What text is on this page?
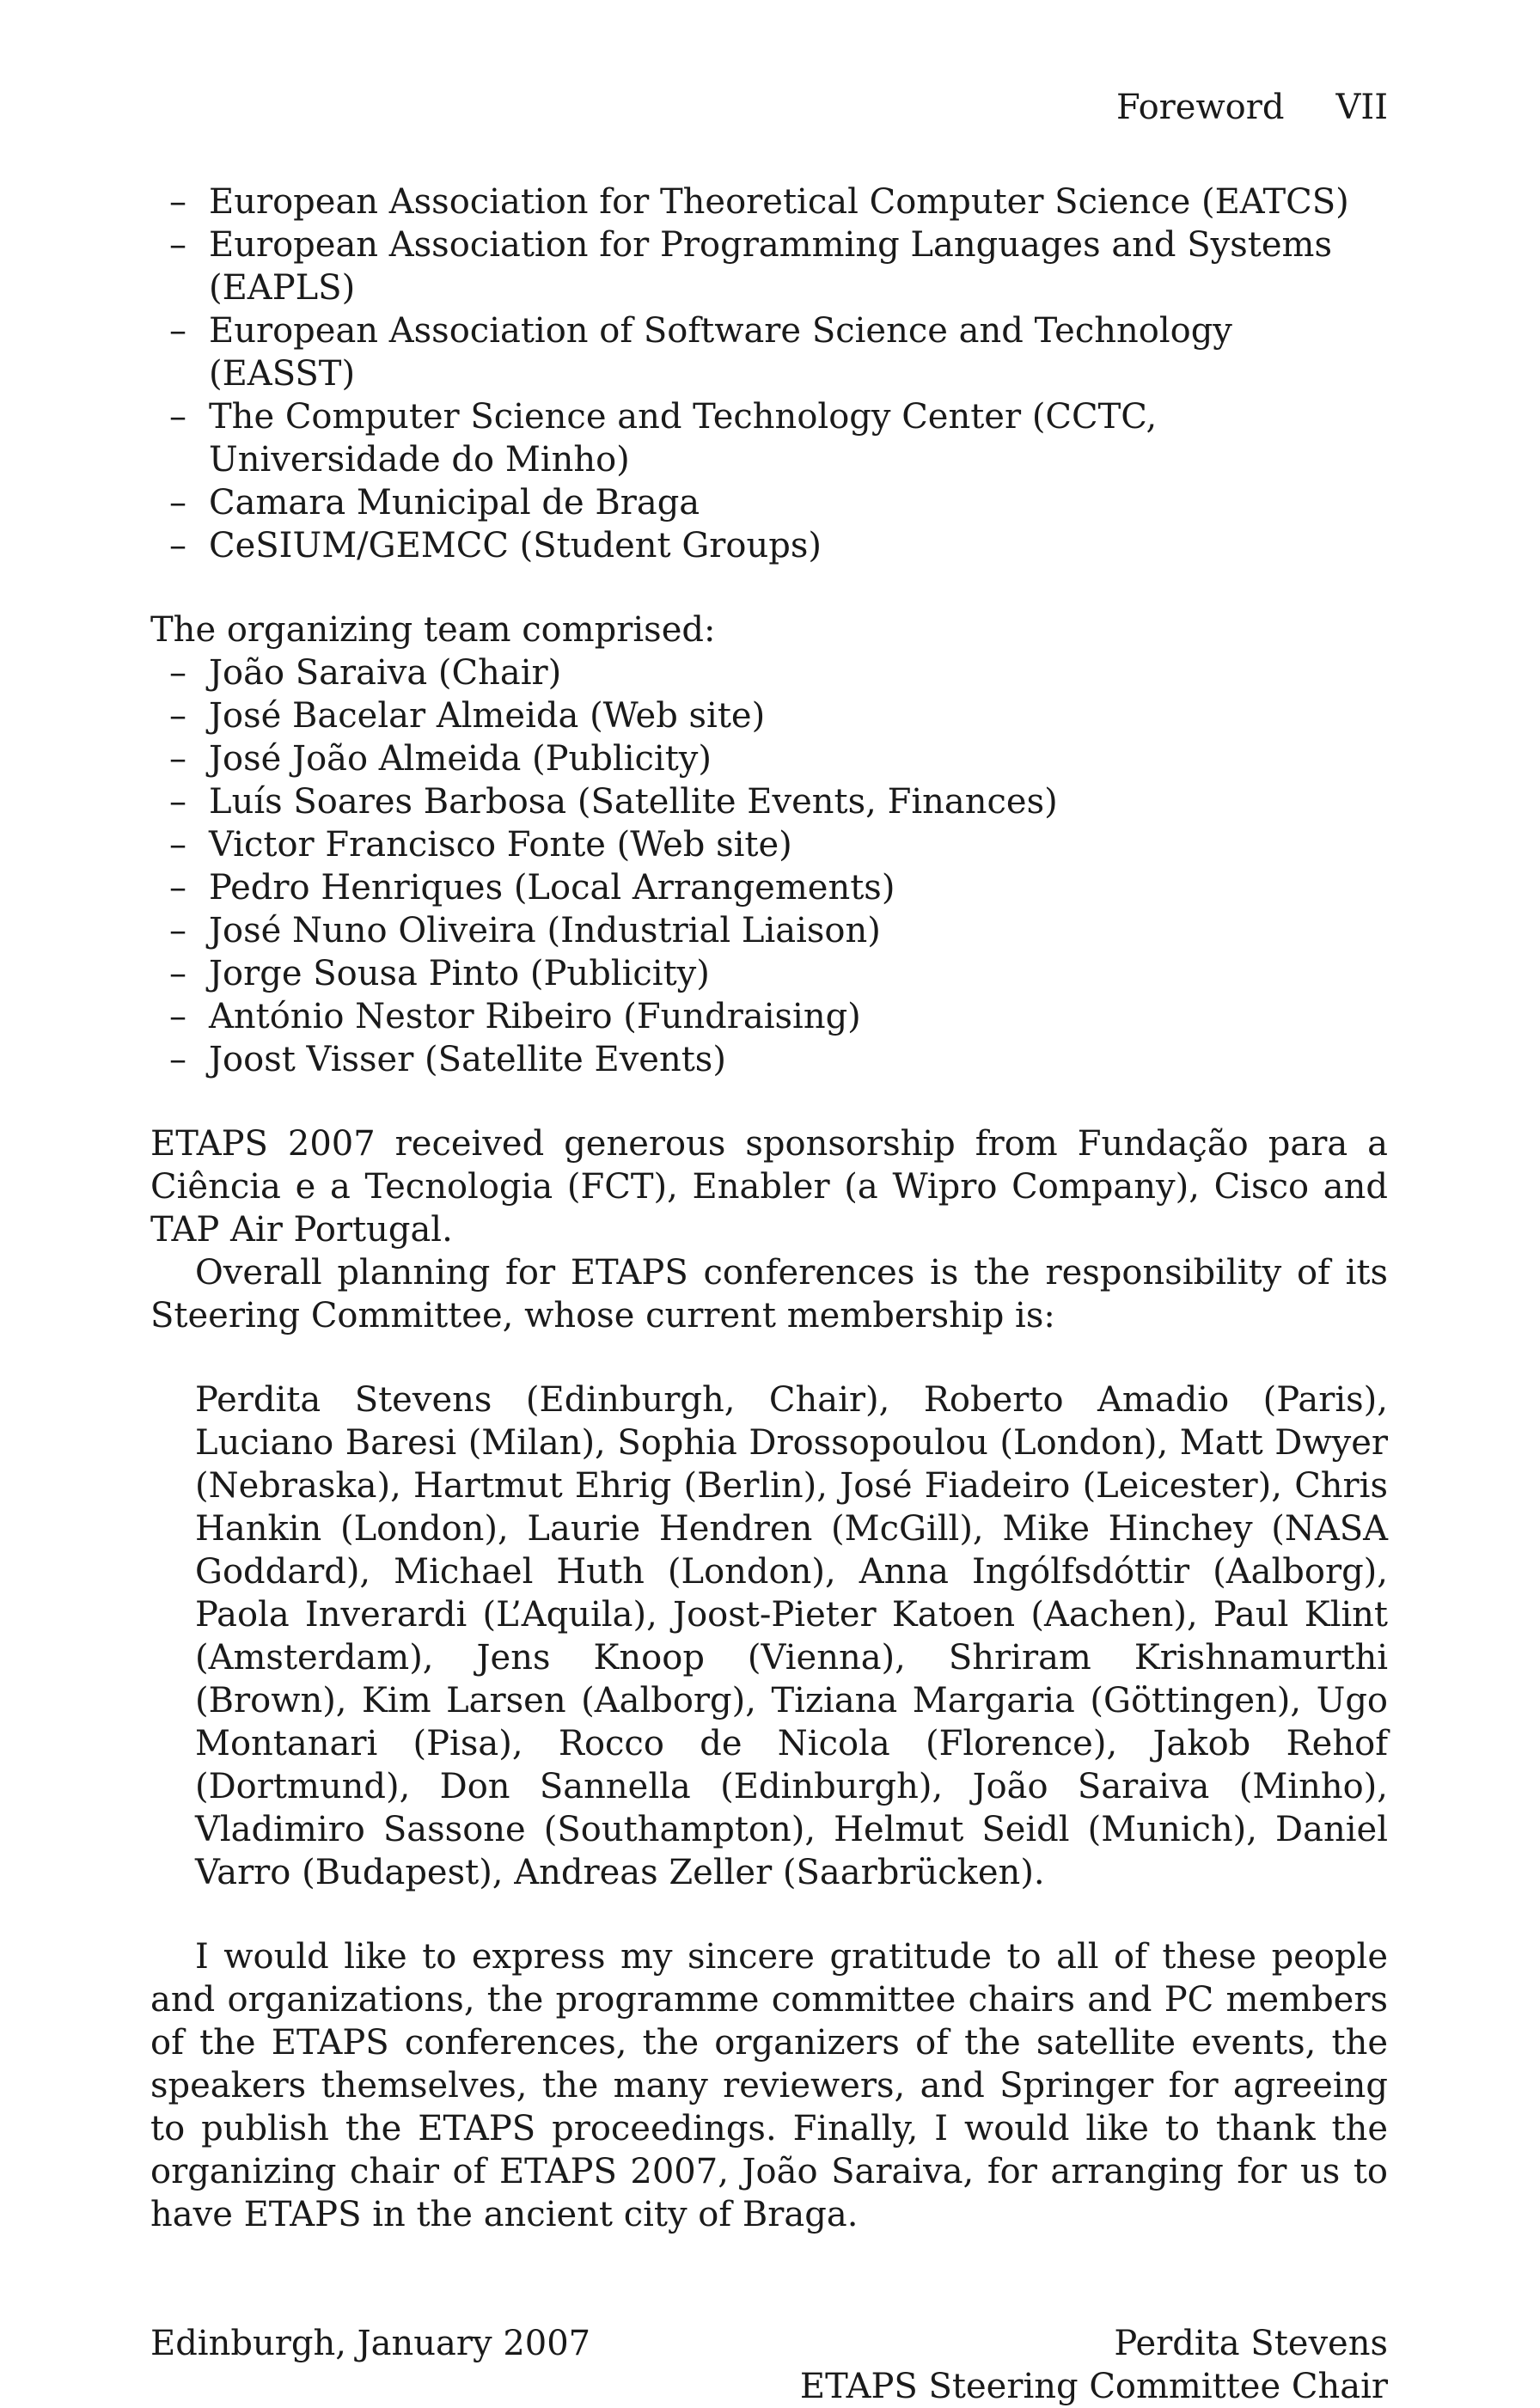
Foreword VII
– European Association for Theoretical Computer Science (EATCS)
– European Association for Programming Languages and Systems (EAPLS)
– European Association of Software Science and Technology (EASST)
– The Computer Science and Technology Center (CCTC, Universidade do Minho)
– Camara Municipal de Braga
– CeSIUM/GEMCC (Student Groups)

The organizing team comprised:

– João Saraiva (Chair)
– José Bacelar Almeida (Web site)
– José João Almeida (Publicity)
– Luís Soares Barbosa (Satellite Events, Finances)
– Victor Francisco Fonte (Web site)
– Pedro Henriques (Local Arrangements)
– José Nuno Oliveira (Industrial Liaison)
– Jorge Sousa Pinto (Publicity)
– António Nestor Ribeiro (Fundraising)
– Joost Visser (Satellite Events)

ETAPS 2007 received generous sponsorship from Fundação para a Ciência e a Tecnologia (FCT), Enabler (a Wipro Company), Cisco and TAP Air Portugal.

Overall planning for ETAPS conferences is the responsibility of its Steering Committee, whose current membership is:

Perdita Stevens (Edinburgh, Chair), Roberto Amadio (Paris), Luciano Baresi (Milan), Sophia Drossopoulou (London), Matt Dwyer (Nebraska), Hartmut Ehrig (Berlin), José Fiadeiro (Leicester), Chris Hankin (London), Laurie Hendren (McGill), Mike Hinchey (NASA Goddard), Michael Huth (London), Anna Ingólfsdóttir (Aalborg), Paola Inverardi (L’Aquila), Joost-Pieter Katoen (Aachen), Paul Klint (Amsterdam), Jens Knoop (Vienna), Shriram Krishnamurthi (Brown), Kim Larsen (Aalborg), Tiziana Margaria (Göttingen), Ugo Montanari (Pisa), Rocco de Nicola (Florence), Jakob Rehof (Dortmund), Don Sannella (Edinburgh), João Saraiva (Minho), Vladimiro Sassone (Southampton), Helmut Seidl (Munich), Daniel Varro (Budapest), Andreas Zeller (Saarbrücken).

I would like to express my sincere gratitude to all of these people and organizations, the programme committee chairs and PC members of the ETAPS conferences, the organizers of the satellite events, the speakers themselves, the many reviewers, and Springer for agreeing to publish the ETAPS proceedings. Finally, I would like to thank the organizing chair of ETAPS 2007, João Saraiva, for arranging for us to have ETAPS in the ancient city of Braga.

Edinburgh, January 2007	Perdita Stevens
ETAPS Steering Committee Chair
